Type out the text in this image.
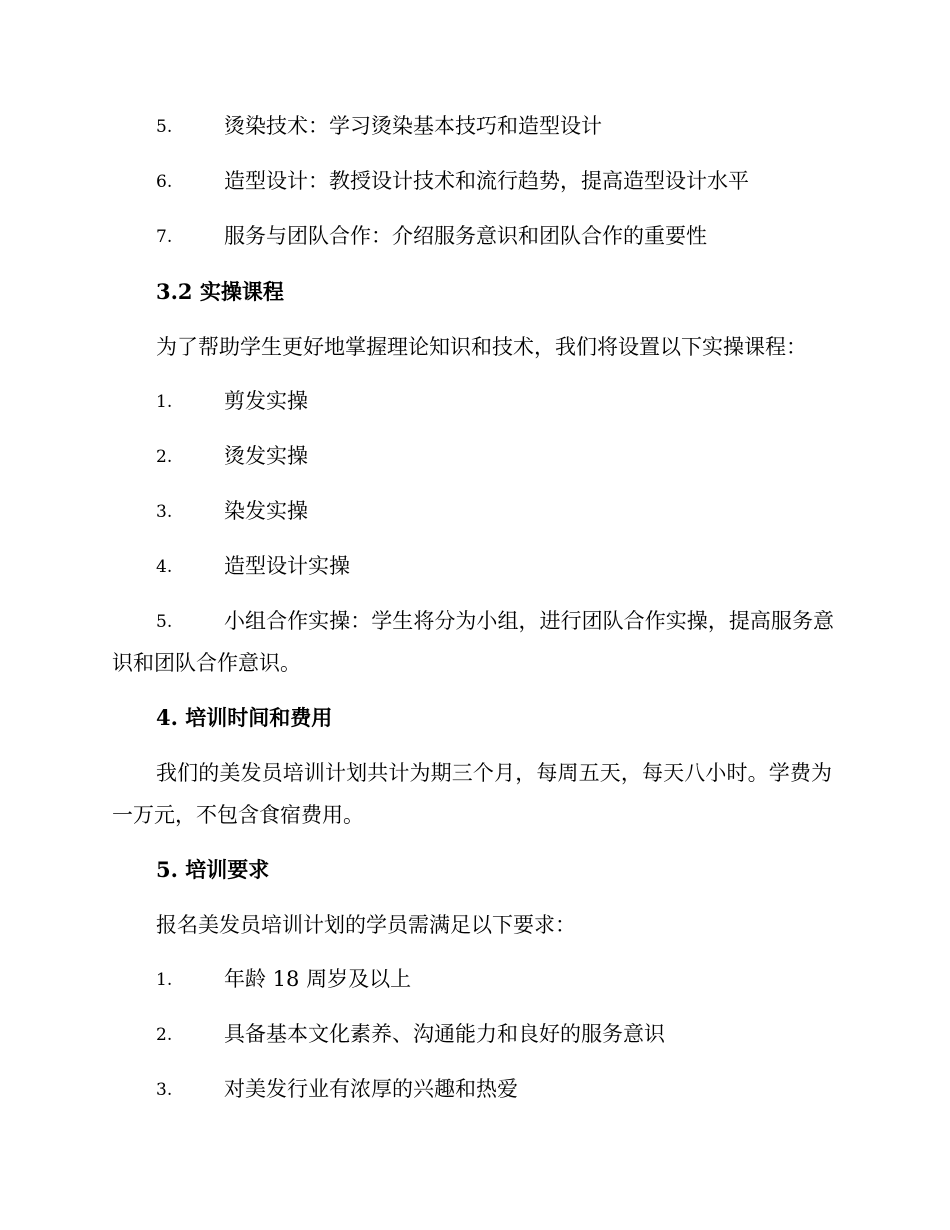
5. 烫染技术：学习烫染基本技巧和造型设计
6. 造型设计：教授设计技术和流行趋势，提高造型设计水平
7. 服务与团队合作：介绍服务意识和团队合作的重要性
3.2 实操课程
为了帮助学生更好地掌握理论知识和技术，我们将设置以下实操课程：
1. 剪发实操
2. 烫发实操
3. 染发实操
4. 造型设计实操
5.	小组合作实操：学生将分为小组，进行团队合作实操，提高服务意识和团队合作意识。
4. 培训时间和费用
我们的美发员培训计划共计为期三个月，每周五天，每天八小时。学费为一万元，不包含食宿费用。
5. 培训要求
报名美发员培训计划的学员需满足以下要求：
1. 年龄 18 周岁及以上
2. 具备基本文化素养、沟通能力和良好的服务意识
3. 对美发行业有浓厚的兴趣和热爱
